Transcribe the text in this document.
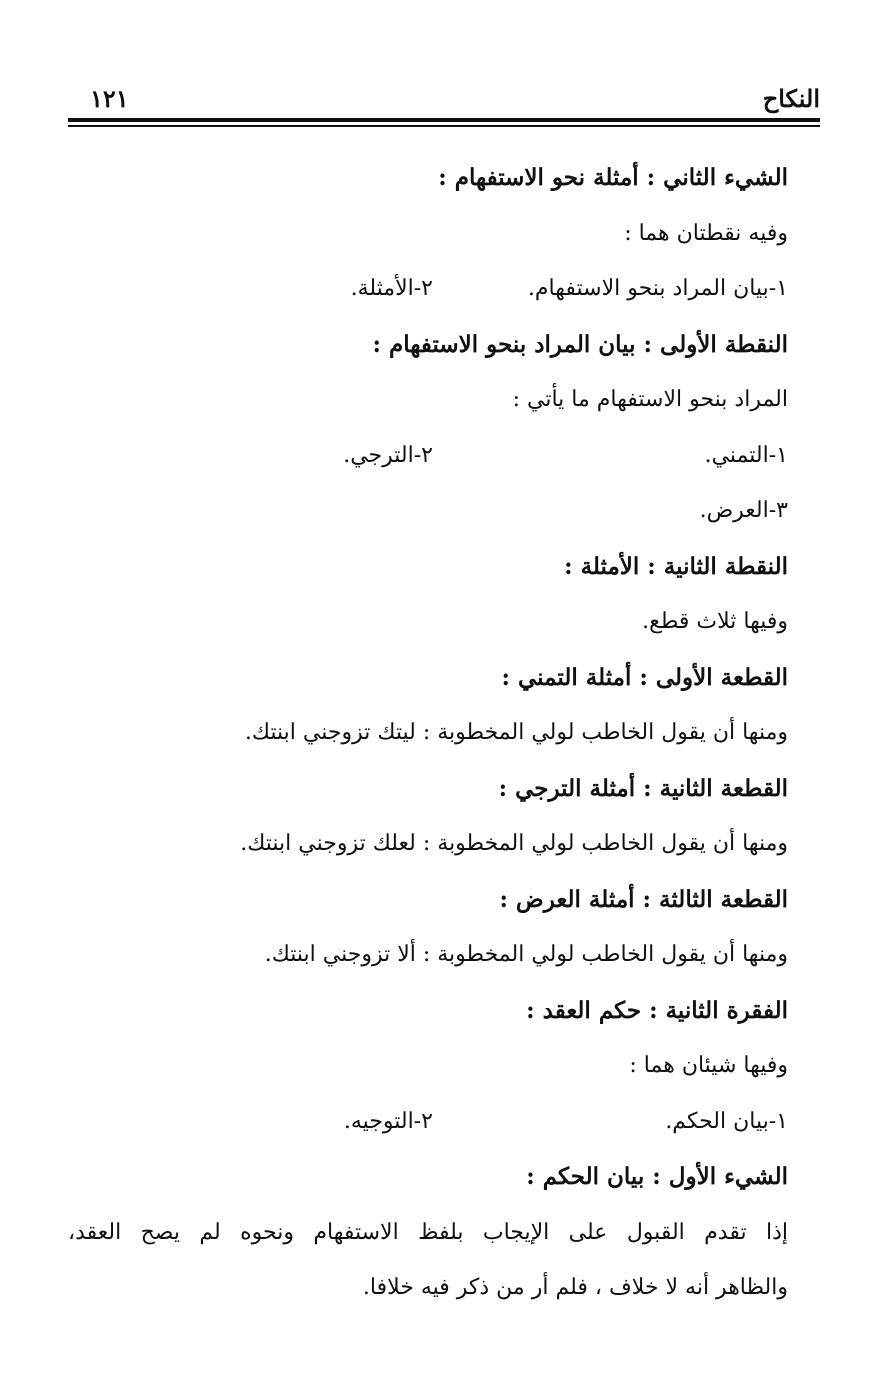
النكاح
١٢١
الشيء الثاني : أمثلة نحو الاستفهام :
وفيه نقطتان هما :
١-بيان المراد بنحو الاستفهام.
٢-الأمثلة.
النقطة الأولى : بيان المراد بنحو الاستفهام :
المراد بنحو الاستفهام ما يأتي :
١-التمني.
٢-الترجي.
٣-العرض.
النقطة الثانية : الأمثلة :
وفيها ثلاث قطع.
القطعة الأولى : أمثلة التمني :
ومنها أن يقول الخاطب لولي المخطوبة : ليتك تزوجني ابنتك.
القطعة الثانية : أمثلة الترجي :
ومنها أن يقول الخاطب لولي المخطوبة : لعلك تزوجني ابنتك.
القطعة الثالثة : أمثلة العرض :
ومنها أن يقول الخاطب لولي المخطوبة : ألا تزوجني ابنتك.
الفقرة الثانية : حكم العقد :
وفيها شيئان هما :
١-بيان الحكم.
٢-التوجيه.
الشيء الأول : بيان الحكم :
إذا تقدم القبول على الإيجاب بلفظ الاستفهام ونحوه لم يصح العقد،
والظاهر أنه لا خلاف ، فلم أر من ذكر فيه خلافا.
